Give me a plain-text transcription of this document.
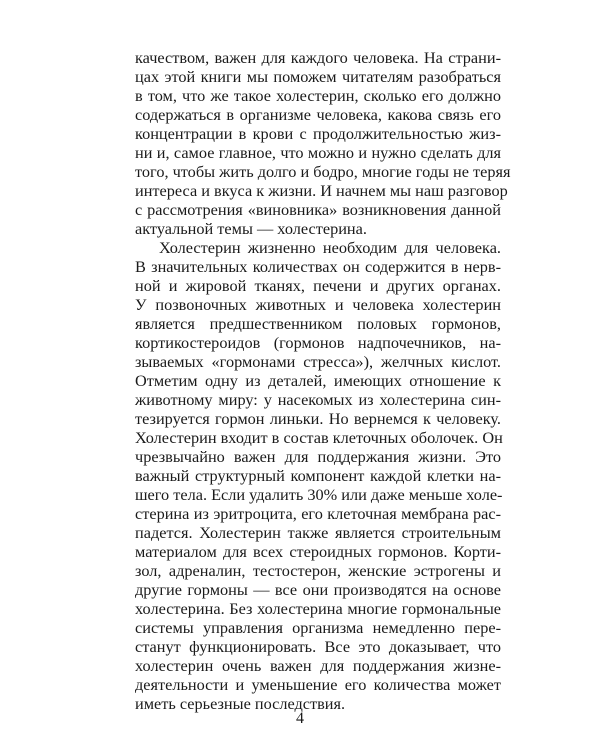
качеством, важен для каждого человека. На страни-
цах этой книги мы поможем читателям разобраться
в том, что же такое холестерин, сколько его должно
содержаться в организме человека, какова связь его
концентрации в крови с продолжительностью жиз-
ни и, самое главное, что можно и нужно сделать для
того, чтобы жить долго и бодро, многие годы не теряя
интереса и вкуса к жизни. И начнем мы наш разговор
с рассмотрения «виновника» возникновения данной
актуальной темы — холестерина.
Холестерин жизненно необходим для человека.
В значительных количествах он содержится в нерв-
ной и жировой тканях, печени и других органах.
У позвоночных животных и человека холестерин
является предшественником половых гормонов,
кортикостероидов (гормонов надпочечников, на-
зываемых «гормонами стресса»), желчных кислот.
Отметим одну из деталей, имеющих отношение к
животному миру: у насекомых из холестерина син-
тезируется гормон линьки. Но вернемся к человеку.
Холестерин входит в состав клеточных оболочек. Он
чрезвычайно важен для поддержания жизни. Это
важный структурный компонент каждой клетки на-
шего тела. Если удалить 30% или даже меньше холе-
стерина из эритроцита, его клеточная мембрана рас-
падется. Холестерин также является строительным
материалом для всех стероидных гормонов. Корти-
зол, адреналин, тестостерон, женские эстрогены и
другие гормоны — все они производятся на основе
холестерина. Без холестерина многие гормональные
системы управления организма немедленно пере-
станут функционировать. Все это доказывает, что
холестерин очень важен для поддержания жизне-
деятельности и уменьшение его количества может
иметь серьезные последствия.
4
